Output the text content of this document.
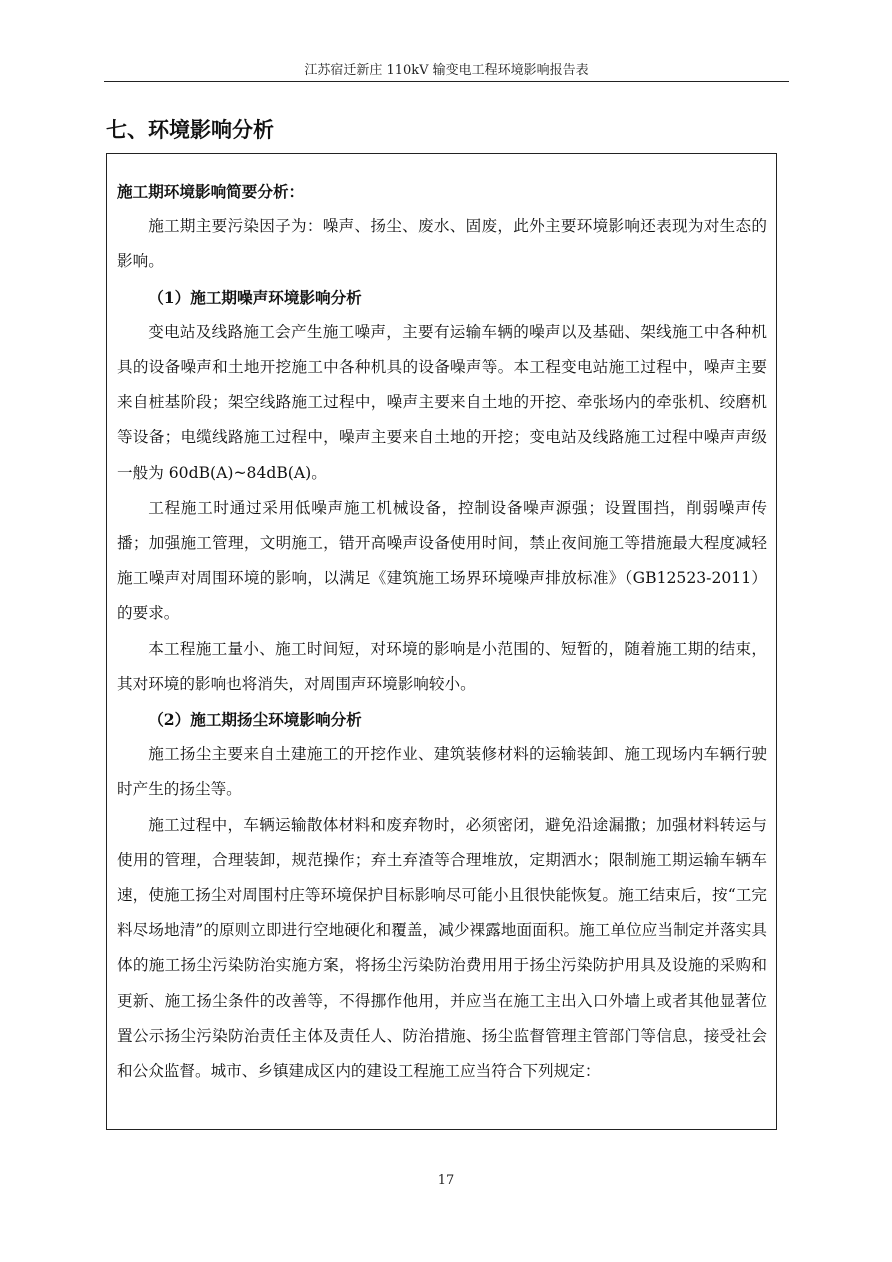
江苏宿迁新庄 110kV 输变电工程环境影响报告表
七、环境影响分析

施工期环境影响简要分析：

施工期主要污染因子为：噪声、扬尘、废水、固废，此外主要环境影响还表现为对生态的影响。

（1）施工期噪声环境影响分析

变电站及线路施工会产生施工噪声，主要有运输车辆的噪声以及基础、架线施工中各种机具的设备噪声和土地开挖施工中各种机具的设备噪声等。本工程变电站施工过程中，噪声主要来自桩基阶段；架空线路施工过程中，噪声主要来自土地的开挖、牵张场内的牵张机、绞磨机等设备；电缆线路施工过程中，噪声主要来自土地的开挖；变电站及线路施工过程中噪声声级一般为 60dB(A)~84dB(A)。

工程施工时通过采用低噪声施工机械设备，控制设备噪声源强；设置围挡，削弱噪声传播；加强施工管理，文明施工，错开高噪声设备使用时间，禁止夜间施工等措施最大程度减轻施工噪声对周围环境的影响，以满足《建筑施工场界环境噪声排放标准》（GB12523-2011）的要求。

本工程施工量小、施工时间短，对环境的影响是小范围的、短暂的，随着施工期的结束，其对环境的影响也将消失，对周围声环境影响较小。

（2）施工期扬尘环境影响分析

施工扬尘主要来自土建施工的开挖作业、建筑装修材料的运输装卸、施工现场内车辆行驶时产生的扬尘等。

施工过程中，车辆运输散体材料和废弃物时，必须密闭，避免沿途漏撒；加强材料转运与使用的管理，合理装卸，规范操作；弃土弃渣等合理堆放，定期洒水；限制施工期运输车辆车速，使施工扬尘对周围村庄等环境保护目标影响尽可能小且很快能恢复。施工结束后，按“工完料尽场地清”的原则立即进行空地硬化和覆盖，减少裸露地面面积。施工单位应当制定并落实具体的施工扬尘污染防治实施方案，将扬尘污染防治费用用于扬尘污染防护用具及设施的采购和更新、施工扬尘条件的改善等，不得挪作他用，并应当在施工主出入口外墙上或者其他显著位置公示扬尘污染防治责任主体及责任人、防治措施、扬尘监督管理主管部门等信息，接受社会和公众监督。城市、乡镇建成区内的建设工程施工应当符合下列规定：

17
